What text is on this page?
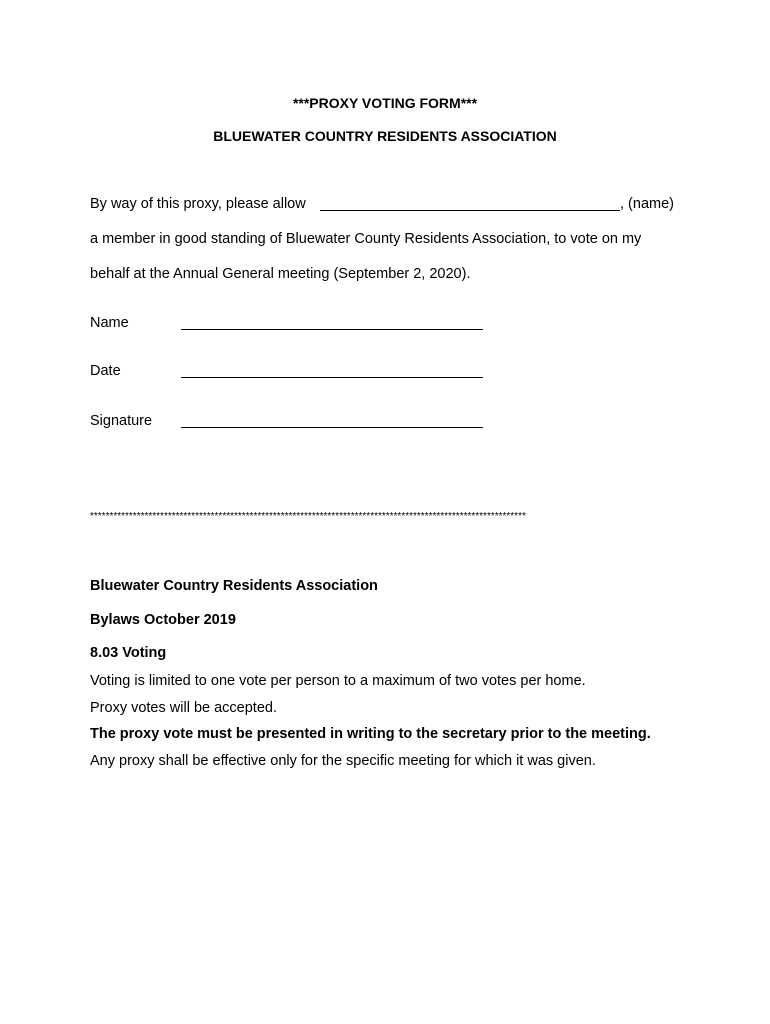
***PROXY VOTING FORM***
BLUEWATER COUNTRY RESIDENTS ASSOCIATION
By way of this proxy, please allow	, (name)
a member in good standing of Bluewater County Residents Association, to vote on my
behalf at the Annual General meeting (September 2, 2020).
Name
Date
Signature
****************************************************************************************************************
Bluewater Country Residents Association
Bylaws October 2019
8.03 Voting
Voting is limited to one vote per person to a maximum of two votes per home.
Proxy votes will be accepted.
The proxy vote must be presented in writing to the secretary prior to the meeting.
Any proxy shall be effective only for the specific meeting for which it was given.
